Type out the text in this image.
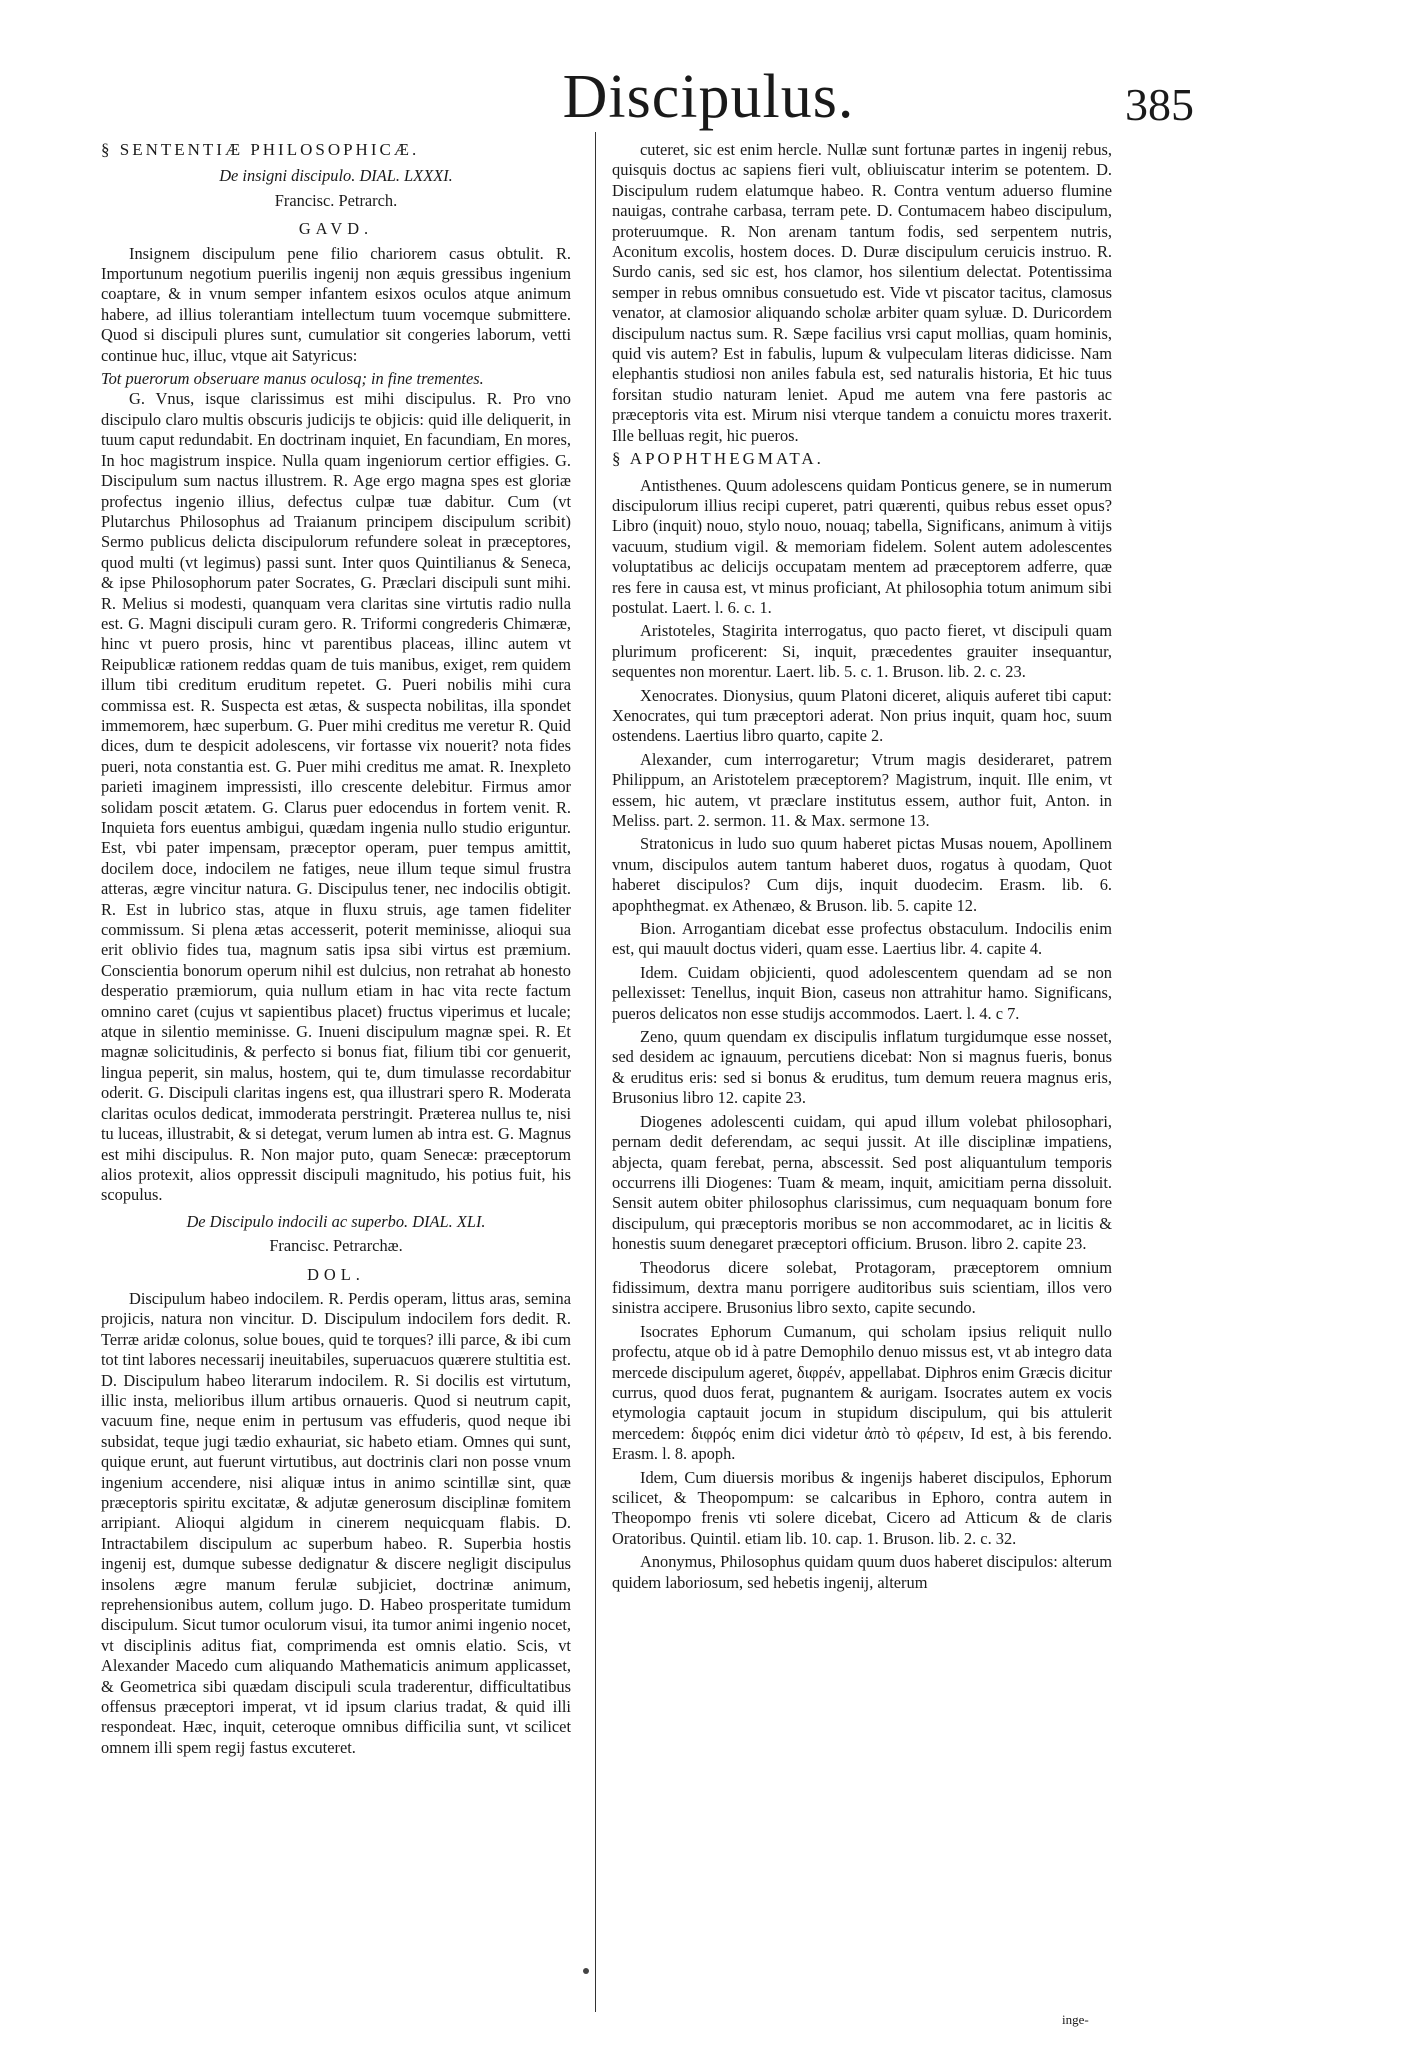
Discipulus.	385
§ SENTENTIÆ PHILOSOPHICÆ.
De insigni discipulo. DIAL. LXXXI.
Francisc. Petrarch.
GAVD.

Insignem discipulum pene filio chariorem casus obtulit. R. Importunum negotium puerilis ingenij non æquis gressibus ingenium coaptare, & in vnum semper infantem esixos oculos atque animum habere, ad illius tolerantiam intellectum tuum vocemque submittere. Quod si discipuli plures sunt, cumulatior sit congeries laborum, vetti continue huc, illuc, vtque ait Satyricus:

Tot puerorum obseruare manus oculosq; in fine trementes.

G. Vnus, isque clarissimus est mihi discipulus. R. Pro vno discipulo claro multis obscuris judicijs te objicis: quid ille deliquerit, in tuum caput redundabit. En doctrinam inquiet, En facundiam, En mores, In hoc magistrum inspice. Nulla quam ingeniorum certior effigies. G. Discipulum sum nactus illustrem. R. Age ergo magna spes est gloriæ profectus ingenio illius, defectus culpæ tuæ dabitur. Cum (vt Plutarchus Philosophus ad Traianum principem discipulum scribit) Sermo publicus delicta discipulorum refundere soleat in præceptores, quod multi (vt legimus) passi sunt. Inter quos Quintilianus & Seneca, & ipse Philosophorum pater Socrates, G. Præclari discipuli sunt mihi. R. Melius si modesti, quanquam vera claritas sine virtutis radio nulla est. G. Magni discipuli curam gero. R. Triformi congrederis Chimæræ, hinc vt puero prosis, hinc vt parentibus placeas, illinc autem vt Reipublicæ rationem reddas quam de tuis manibus, exiget, rem quidem illum tibi creditum eruditum repetet. G. Pueri nobilis mihi cura commissa est. R. Suspecta est ætas, & suspecta nobilitas, illa spondet immemorem, hæc superbum. G. Puer mihi creditus me veretur R. Quid dices, dum te despicit adolescens, vir fortasse vix nouerit? nota fides pueri, nota constantia est. G. Puer mihi creditus me amat. R. Inexpleto parieti imaginem impressisti, illo crescente delebitur. Firmus amor solidam poscit ætatem. G. Clarus puer edocendus in fortem venit. R. Inquieta fors euentus ambigui, quædam ingenia nullo studio eriguntur. Est, vbi pater impensam, præceptor operam, puer tempus amittit, docilem doce, indocilem ne fatiges, neue illum teque simul frustra atteras, ægre vincitur natura. G. Discipulus tener, nec indocilis obtigit. R. Est in lubrico stas, atque in fluxu struis, age tamen fideliter commissum. Si plena ætas accesserit, poterit meminisse, alioqui sua erit oblivio fides tua, magnum satis ipsa sibi virtus est præmium. Conscientia bonorum operum nihil est dulcius, non retrahat ab honesto desperatio præmiorum, quia nullum etiam in hac vita recte factum omnino caret (cujus vt sapientibus placet) fructus viperimus et lucale; atque in silentio meminisse. G. Inueni discipulum magnæ spei. R. Et magnæ solicitudinis, & perfecto si bonus fiat, filium tibi cor genuerit, lingua peperit, sin malus, hostem, qui te, dum timulasse recordabitur oderit. G. Discipuli claritas ingens est, qua illustrari spero R. Moderata claritas oculos dedicat, immoderata perstringit. Præterea nullus te, nisi tu luceas, illustrabit, & si detegat, verum lumen ab intra est. G. Magnus est mihi discipulus. R. Non major puto, quam Senecæ: præceptorum alios protexit, alios oppressit discipuli magnitudo, his potius fuit, his scopulus.

De Discipulo indocili ac superbo. DIAL. XLI.
Francisc. Petrarchæ.
DOL.

Discipulum habeo indocilem. R. Perdis operam, littus aras, semina projicis, natura non vincitur. D. Discipulum indocilem fors dedit. R. Terræ aridæ colonus, solue boues, quid te torques? illi parce, & ibi cum tot tint labores necessarij ineuitabiles, superuacuos quærere stultitia est. D. Discipulum habeo literarum indocilem. R. Si docilis est virtutum, illic insta, melioribus illum artibus ornaueris. Quod si neutrum capit, vacuum fine, neque enim in pertusum vas effuderis, quod neque ibi subsidat, teque jugi tædio exhauriat, sic habeto etiam. Omnes qui sunt, quique erunt, aut fuerunt virtutibus, aut doctrinis clari non posse vnum ingenium accendere, nisi aliquæ intus in animo scintillæ sint, quæ præceptoris spiritu excitatæ, & adjutæ generosum disciplinæ fomitem arripiant. Alioqui algidum in cinerem nequicquam flabis. D. Intractabilem discipulum ac superbum habeo. R. Superbia hostis ingenij est, dumque subesse dedignatur & discere negligit discipulus insolens ægre manum ferulæ subjiciet, doctrinæ animum, reprehensionibus autem, collum jugo. D. Habeo prosperitate tumidum discipulum. Sicut tumor oculorum visui, ita tumor animi ingenio nocet, vt disciplinis aditus fiat, comprimenda est omnis elatio. Scis, vt Alexander Macedo cum aliquando Mathematicis animum applicasset, & Geometrica sibi quædam discipuli scula traderentur, difficultatibus offensus præceptori imperat, vt id ipsum clarius tradat, & quid illi respondeat. Hæc, inquit, ceteroque omnibus difficilia sunt, vt scilicet omnem illi spem regij fastus excuteret.

cuteret, sic est enim hercle. Nullæ sunt fortunæ partes in ingenij rebus, quisquis doctus ac sapiens fieri vult, obliuiscatur interim se potentem. D. Discipulum rudem elatumque habeo. R. Contra ventum aduerso flumine nauigas, contrahe carbasa, terram pete. D. Contumacem habeo discipulum, proteruumque. R. Non arenam tantum fodis, sed serpentem nutris, Aconitum excolis, hostem doces. D. Duræ discipulum ceruicis instruo. R. Surdo canis, sed sic est, hos clamor, hos silentium delectat. Potentissima semper in rebus omnibus consuetudo est. Vide vt piscator tacitus, clamosus venator, at clamosior aliquando scholæ arbiter quam syluæ. D. Duricordem discipulum nactus sum. R. Sæpe facilius vrsi caput mollias, quam hominis, quid vis autem? Est in fabulis, lupum & vulpeculam literas didicisse. Nam elephantis studiosi non aniles fabula est, sed naturalis historia, Et hic tuus forsitan studio naturam leniet. Apud me autem vna fere pastoris ac præceptoris vita est. Mirum nisi vterque tandem a conuictu mores traxerit. Ille belluas regit, hic pueros.

§ APOPHTHEGMATA.

Antisthenes. Quum adolescens quidam Ponticus genere, se in numerum discipulorum illius recipi cuperet, patri quærenti, quibus rebus esset opus? Libro (inquit) nouo, stylo nouo, nouaq; tabella, Significans, animum à vitijs vacuum, studium vigil. & memoriam fidelem. Solent autem adolescentes voluptatibus ac delicijs occupatam mentem ad præceptorem adferre, quæ res fere in causa est, vt minus proficiant, At philosophia totum animum sibi postulat. Laert. l. 6. c. 1.

Aristoteles, Stagirita interrogatus, quo pacto fieret, vt discipuli quam plurimum proficerent: Si, inquit, præcedentes grauiter insequantur, sequentes non morentur. Laert. lib. 5. c. 1. Bruson. lib. 2. c. 23.

Xenocrates. Dionysius, quum Platoni diceret, aliquis auferet tibi caput: Xenocrates, qui tum præceptori aderat. Non prius inquit, quam hoc, suum ostendens. Laertius libro quarto, capite 2.

Alexander, cum interrogaretur; Vtrum magis desideraret, patrem Philippum, an Aristotelem præceptorem? Magistrum, inquit. Ille enim, vt essem, hic autem, vt præclare institutus essem, author fuit, Anton. in Meliss. part. 2. sermon. 11. & Max. sermone 13.

Stratonicus in ludo suo quum haberet pictas Musas nouem, Apollinem vnum, discipulos autem tantum haberet duos, rogatus à quodam, Quot haberet discipulos? Cum dijs, inquit duodecim. Erasm. lib. 6. apophthegmat. ex Athenæo, & Bruson. lib. 5. capite 12.

Bion. Arrogantiam dicebat esse profectus obstaculum. Indocilis enim est, qui mauult doctus videri, quam esse. Laertius libr. 4. capite 4.

Idem. Cuidam objicienti, quod adolescentem quendam ad se non pellexisset: Tenellus, inquit Bion, caseus non attrahitur hamo. Significans, pueros delicatos non esse studijs accommodos. Laert. l. 4. c 7.

Zeno, quum quendam ex discipulis inflatum turgidumque esse nosset, sed desidem ac ignauum, percutiens dicebat: Non si magnus fueris, bonus & eruditus eris: sed si bonus & eruditus, tum demum reuera magnus eris, Brusonius libro 12. capite 23.

Diogenes adolescenti cuidam, qui apud illum volebat philosophari, pernam dedit deferendam, ac sequi jussit. At ille disciplinæ impatiens, abjecta, quam ferebat, perna, abscessit. Sed post aliquantulum temporis occurrens illi Diogenes: Tuam & meam, inquit, amicitiam perna dissoluit. Sensit autem obiter philosophus clarissimus, cum nequaquam bonum fore discipulum, qui præceptoris moribus se non accommodaret, ac in licitis & honestis suum denegaret præceptori officium. Bruson. libro 2. capite 23.

Theodorus dicere solebat, Protagoram, præceptorem omnium fidissimum, dextra manu porrigere auditoribus suis scientiam, illos vero sinistra accipere. Brusonius libro sexto, capite secundo.

Isocrates Ephorum Cumanum, qui scholam ipsius reliquit nullo profectu, atque ob id à patre Demophilo denuo missus est, vt ab integro data mercede discipulum ageret, διφρέν, appellabat. Diphros enim Græcis dicitur currus, quod duos ferat, pugnantem & aurigam. Isocrates autem ex vocis etymologia captauit jocum in stupidum discipulum, qui bis attulerit mercedem: διφρός enim dici videtur ἀπὸ τὸ φέρειν, Id est, à bis ferendo. Erasm. l. 8. apoph.

Idem, Cum diuersis moribus & ingenijs haberet discipulos, Ephorum scilicet, & Theopompum: se calcaribus in Ephoro, contra autem in Theopompo frenis vti solere dicebat, Cicero ad Atticum & de claris Oratoribus. Quintil. etiam lib. 10. cap. 1. Bruson. lib. 2. c. 32.

Anonymus, Philosophus quidam quum duos haberet discipulos: alterum quidem laboriosum, sed hebetis ingenij, alterum

inge-
